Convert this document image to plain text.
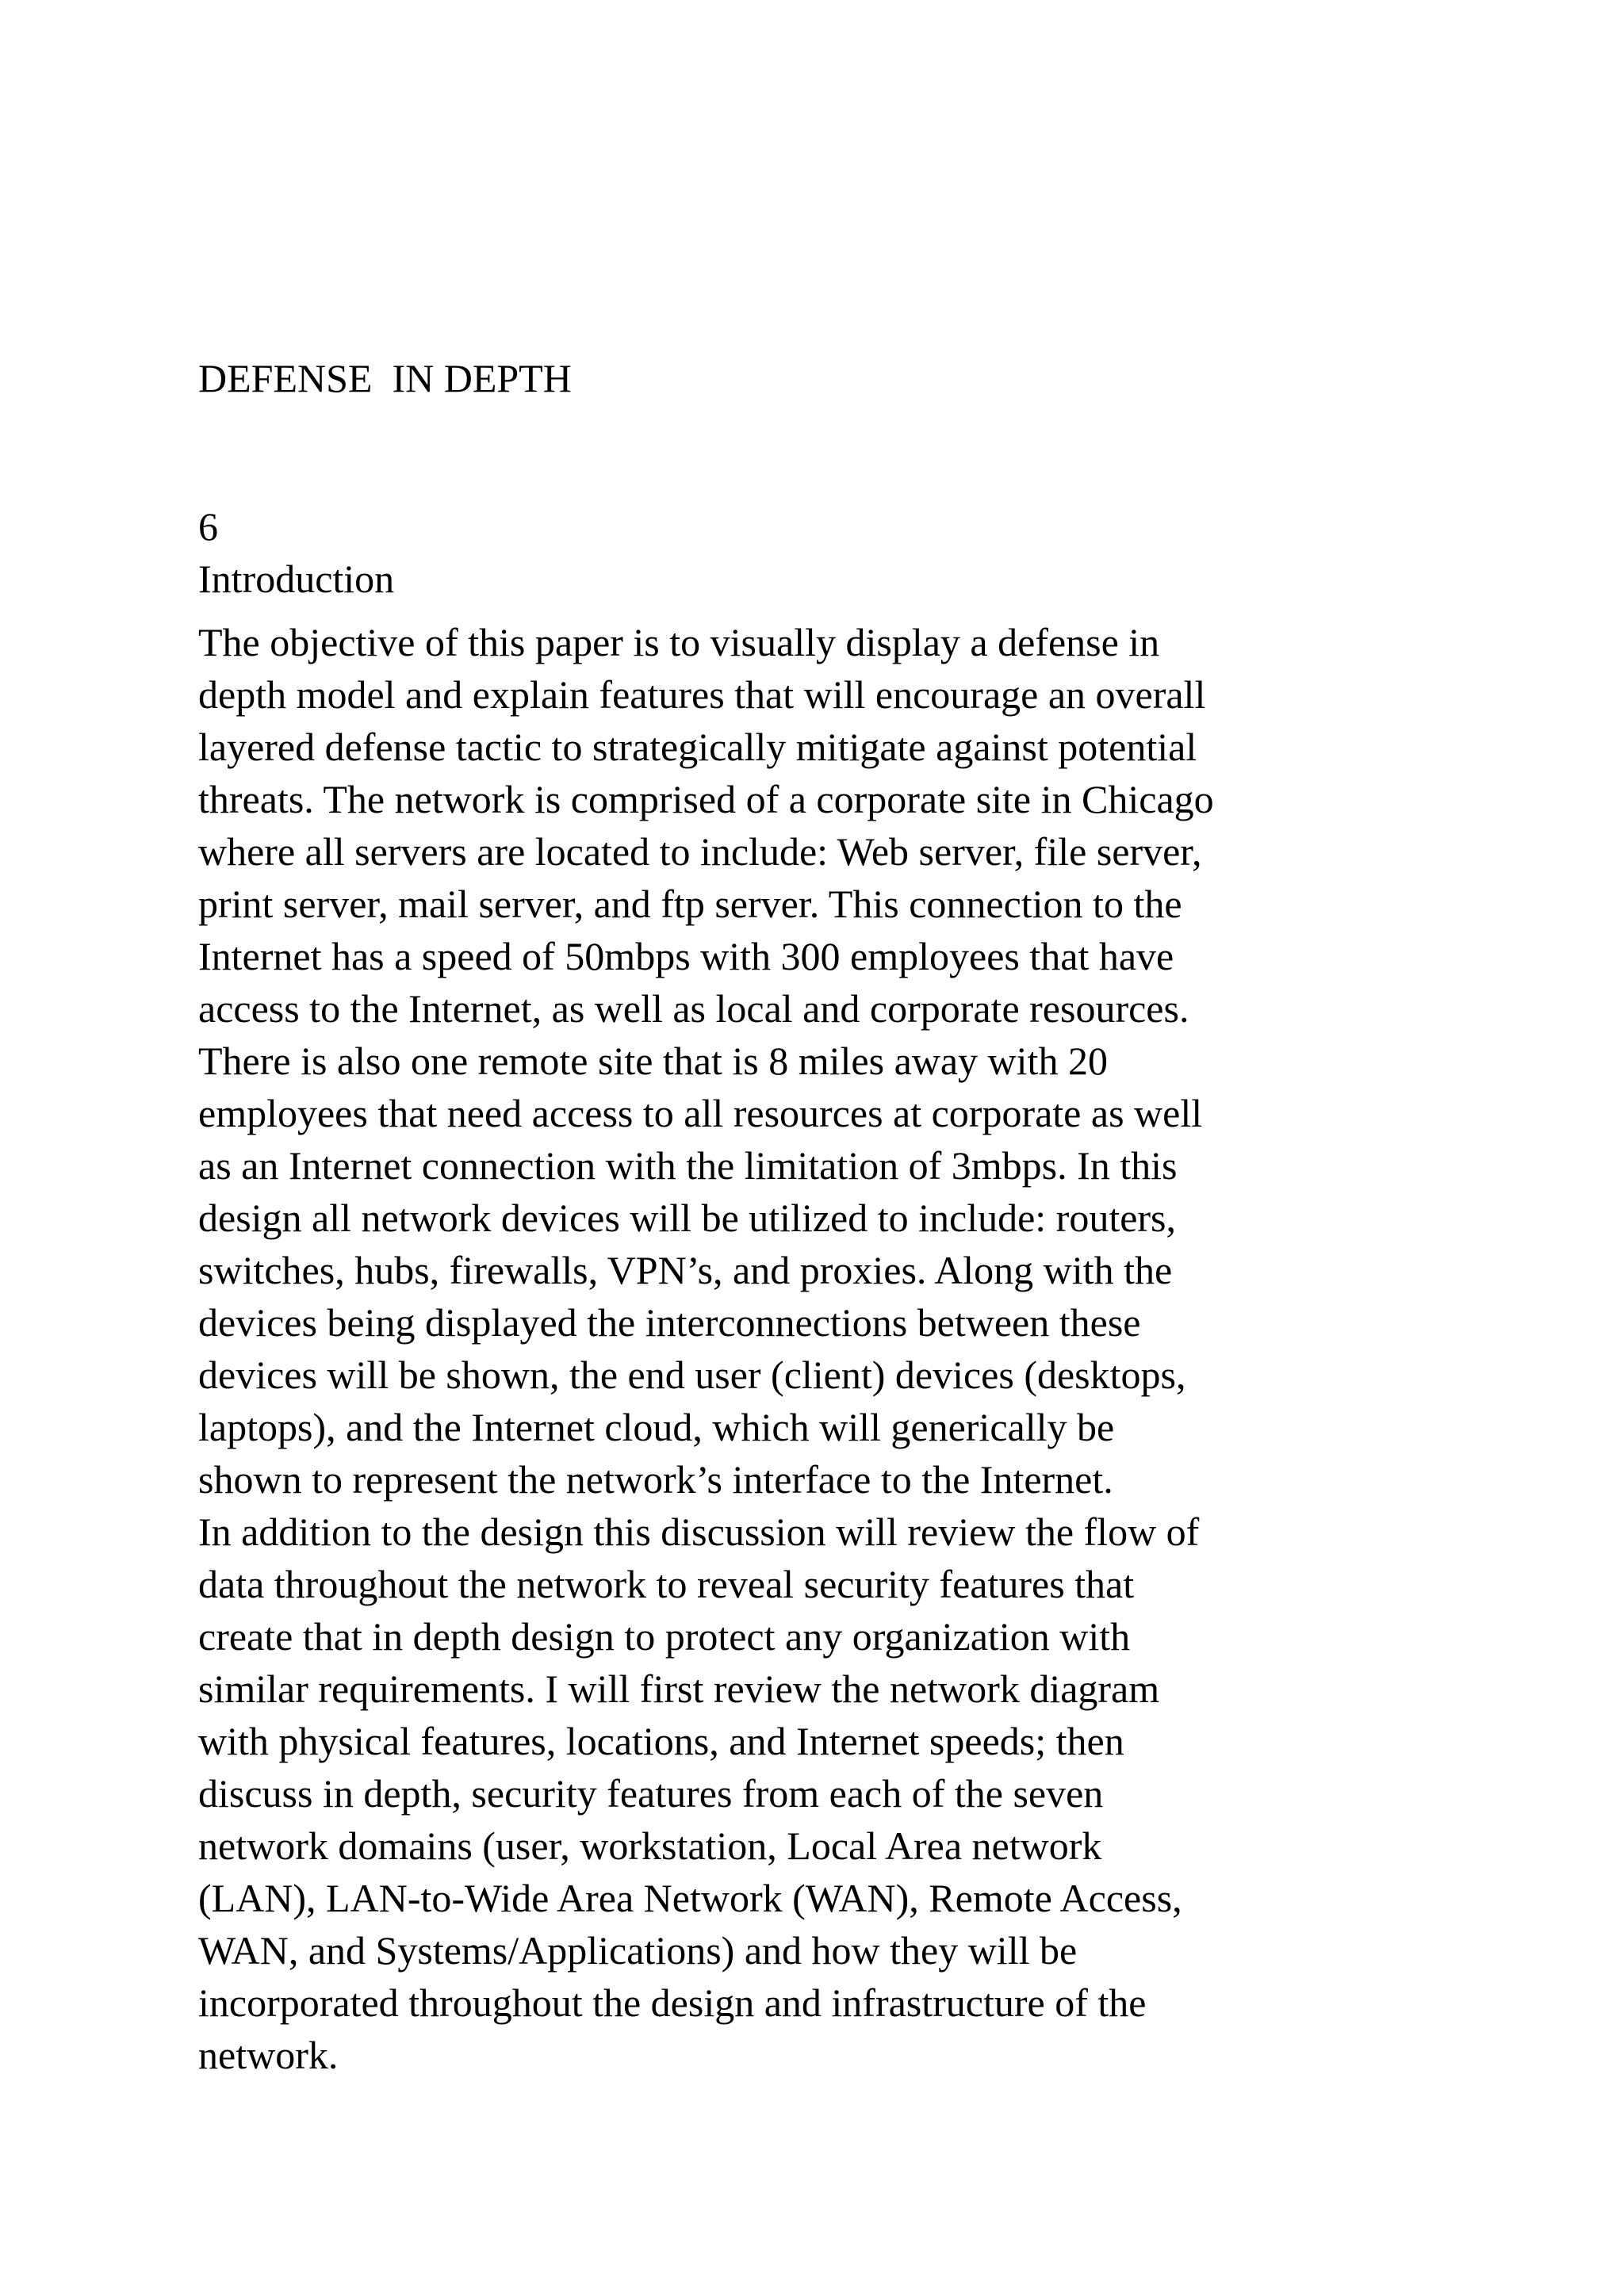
DEFENSE  IN DEPTH

6

Introduction

The objective of this paper is to visually display a defense in

depth model and explain features that will encourage an overall

layered defense tactic to strategically mitigate against potential

threats. The network is comprised of a corporate site in Chicago

where all servers are located to include: Web server, file server,

print server, mail server, and ftp server. This connection to the

Internet has a speed of 50mbps with 300 employees that have

access to the Internet, as well as local and corporate resources.

There is also one remote site that is 8 miles away with 20

employees that need access to all resources at corporate as well

as an Internet connection with the limitation of 3mbps. In this

design all network devices will be utilized to include: routers,

switches, hubs, firewalls, VPN’s, and proxies. Along with the

devices being displayed the interconnections between these

devices will be shown, the end user (client) devices (desktops,

laptops), and the Internet cloud, which will generically be

shown to represent the network’s interface to the Internet.

In addition to the design this discussion will review the flow of

data throughout the network to reveal security features that

create that in depth design to protect any organization with

similar requirements. I will first review the network diagram

with physical features, locations, and Internet speeds; then

discuss in depth, security features from each of the seven

network domains (user, workstation, Local Area network

(LAN), LAN-to-Wide Area Network (WAN), Remote Access,

WAN, and Systems/Applications) and how they will be

incorporated throughout the design and infrastructure of the

network.
